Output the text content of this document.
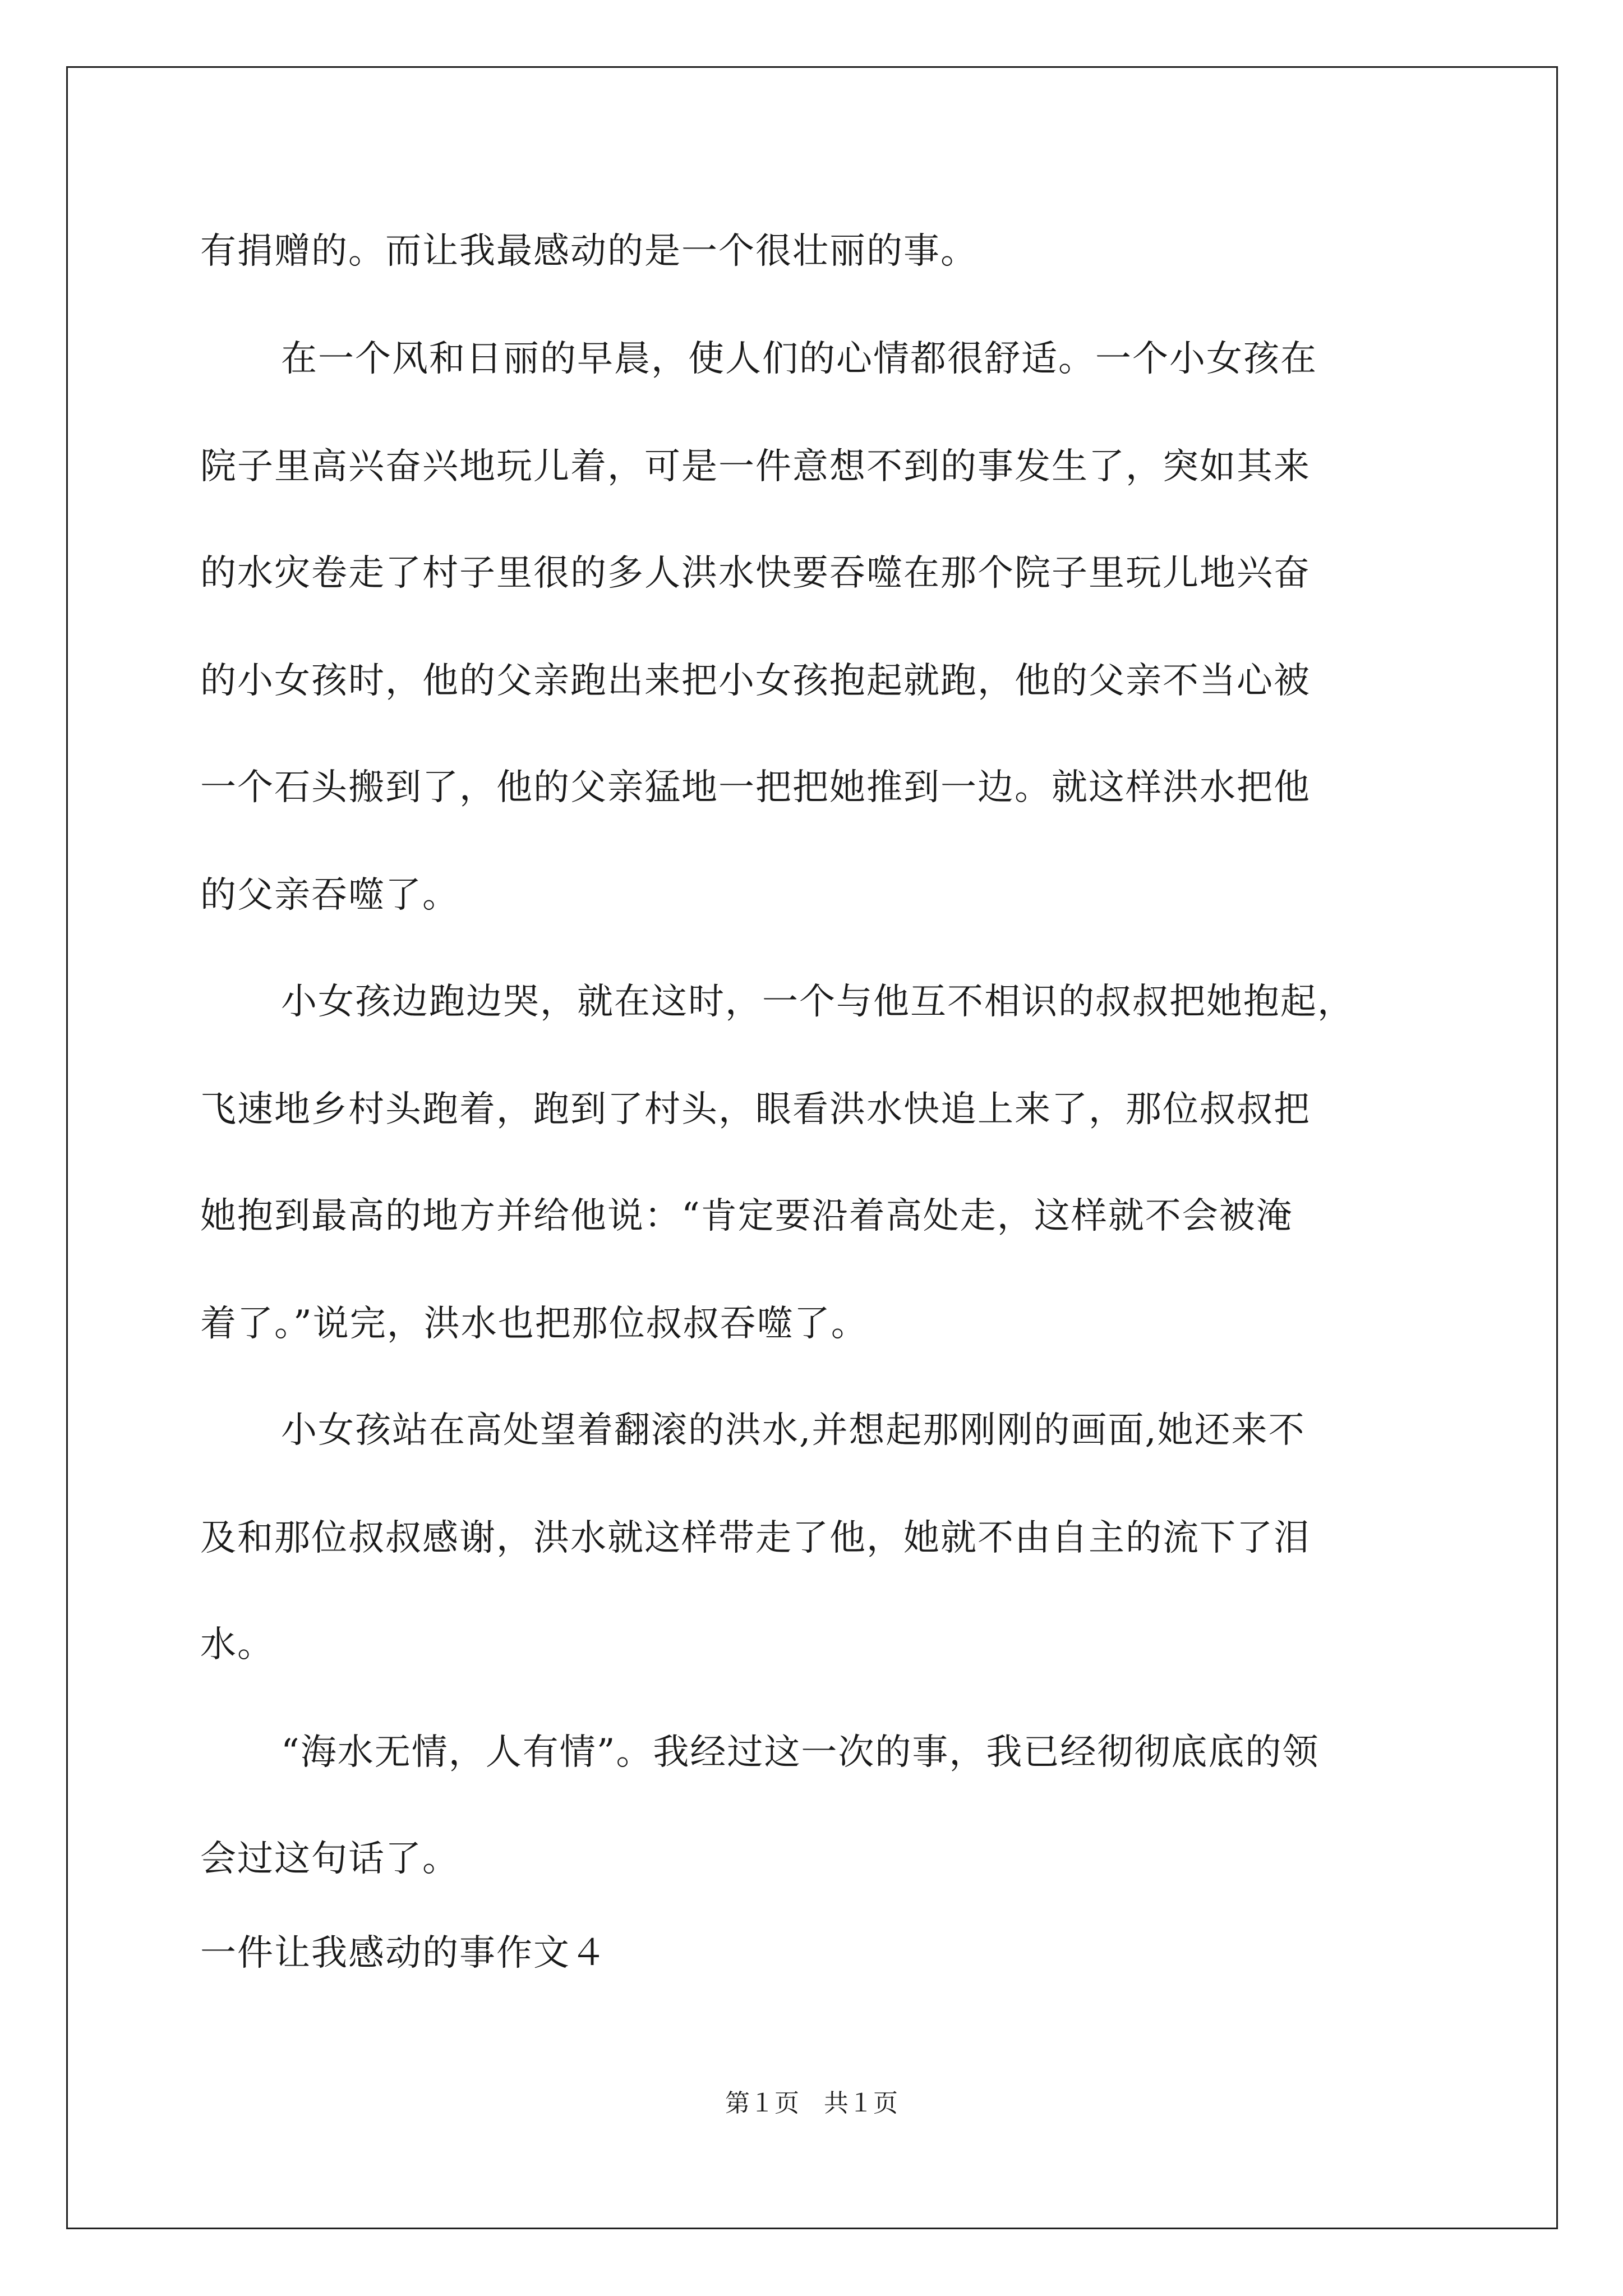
有捐赠的。而让我最感动的是一个很壮丽的事。
在一个风和日丽的早晨，使人们的心情都很舒适。一个小女孩在
院子里高兴奋兴地玩儿着，可是一件意想不到的事发生了，突如其来
的水灾卷走了村子里很的多人洪水快要吞噬在那个院子里玩儿地兴奋
的小女孩时，他的父亲跑出来把小女孩抱起就跑，他的父亲不当心被
一个石头搬到了，他的父亲猛地一把把她推到一边。就这样洪水把他
的父亲吞噬了。
小女孩边跑边哭，就在这时，一个与他互不相识的叔叔把她抱起，
飞速地乡村头跑着，跑到了村头，眼看洪水快追上来了，那位叔叔把
她抱到最高的地方并给他说：“肯定要沿着高处走，这样就不会被淹
着了。”说完，洪水也把那位叔叔吞噬了。
小女孩站在高处望着翻滚的洪水,并想起那刚刚的画面,她还来不
及和那位叔叔感谢，洪水就这样带走了他，她就不由自主的流下了泪
水。
“海水无情，人有情”。我经过这一次的事，我已经彻彻底底的领
会过这句话了。
一件让我感动的事作文４
第１页　共１页
